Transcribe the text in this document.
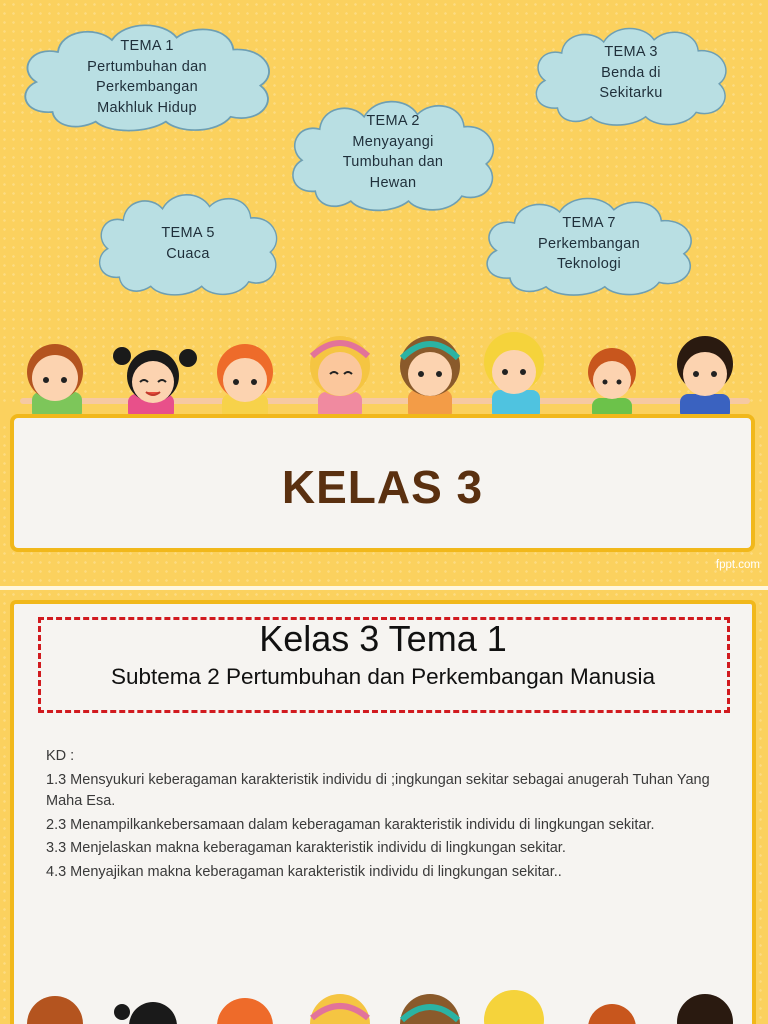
TEMA 1
Pertumbuhan dan
Perkembangan
Makhluk Hidup
TEMA 3
Benda di
Sekitarku
TEMA 2
Menyayangi
Tumbuhan dan
Hewan
TEMA 5
Cuaca
TEMA 7
Perkembangan
Teknologi
KELAS 3
fppt.com
Kelas 3 Tema 1
Subtema 2 Pertumbuhan dan Perkembangan Manusia
KD :
1.3 Mensyukuri keberagaman karakteristik individu di ;ingkungan sekitar sebagai anugerah Tuhan Yang Maha Esa.
2.3 Menampilkankebersamaan dalam keberagaman karakteristik individu di lingkungan sekitar.
3.3 Menjelaskan makna keberagaman karakteristik individu di lingkungan sekitar.
4.3 Menyajikan makna keberagaman karakteristik individu di lingkungan sekitar..
